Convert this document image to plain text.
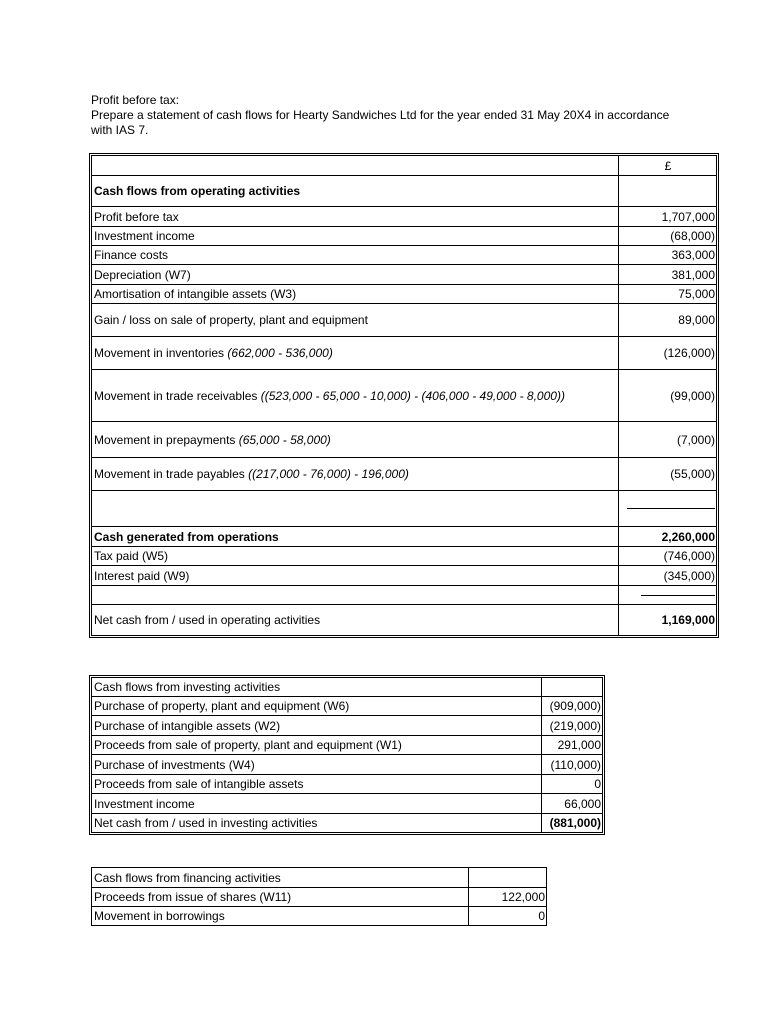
Profit before tax:

Prepare a statement of cash flows for Hearty Sandwiches Ltd for the year ended 31 May 20X4 in accordance with IAS 7.

	£
Cash flows from operating activities	
Profit before tax	1,707,000
Investment income	(68,000)
Finance costs	363,000
Depreciation (W7)	381,000
Amortisation of intangible assets (W3)	75,000
Gain / loss on sale of property, plant and equipment	89,000
Movement in inventories (662,000 - 536,000)	(126,000)
Movement in trade receivables ((523,000 - 65,000 - 10,000) - (406,000 - 49,000 - 8,000))	(99,000)
Movement in prepayments (65,000 - 58,000)	(7,000)
Movement in trade payables ((217,000 - 76,000) - 196,000)	(55,000)

Cash generated from operations	2,260,000
Tax paid (W5)	(746,000)
Interest paid (W9)	(345,000)

Net cash from / used in operating activities	1,169,000
Cash flows from investing activities	
Purchase of property, plant and equipment (W6)	(909,000)
Purchase of intangible assets (W2)	(219,000)
Proceeds from sale of property, plant and equipment (W1)	291,000
Purchase of investments (W4)	(110,000)
Proceeds from sale of intangible assets	0
Investment income	66,000
Net cash from / used in investing activities	(881,000)
Cash flows from financing activities	
Proceeds from issue of shares (W11)	122,000
Movement in borrowings	0
